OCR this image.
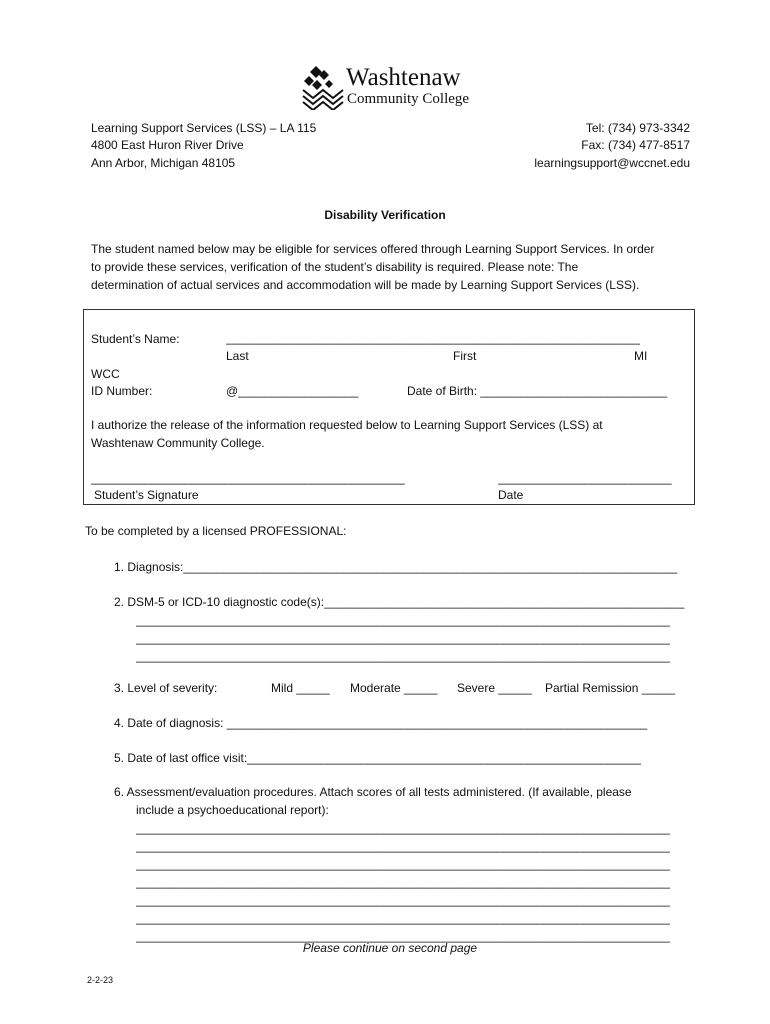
Washtenaw
Community College
Learning Support Services (LSS) – LA 115
4800 East Huron River Drive
Ann Arbor, Michigan 48105
Tel: (734) 973-3342
Fax: (734) 477-8517
learningsupport@wccnet.edu
Disability Verification
The student named below may be eligible for services offered through Learning Support Services. In order
to provide these services, verification of the student’s disability is required. Please note: The
determination of actual services and accommodation will be made by Learning Support Services (LSS).
Student’s Name:	______________________________________________________________
Last	First	MI
WCC
ID Number:	@__________________	Date of Birth: ____________________________
I authorize the release of the information requested below to Learning Support Services (LSS) at
Washtenaw Community College.
_______________________________________________	__________________________
Student’s Signature	Date
To be completed by a licensed PROFESSIONAL:
1. Diagnosis:__________________________________________________________________________
2. DSM-5 or ICD-10 diagnostic code(s):______________________________________________________
________________________________________________________________________________
________________________________________________________________________________
________________________________________________________________________________
3. Level of severity:	Mild _____ Moderate _____ Severe _____ Partial Remission _____
4. Date of diagnosis: _______________________________________________________________
5. Date of last office visit:___________________________________________________________
6. Assessment/evaluation procedures. Attach scores of all tests administered. (If available, please
include a psychoeducational report):
________________________________________________________________________________
________________________________________________________________________________
________________________________________________________________________________
________________________________________________________________________________
________________________________________________________________________________
________________________________________________________________________________
________________________________________________________________________________
Please continue on second page
2-2-23
